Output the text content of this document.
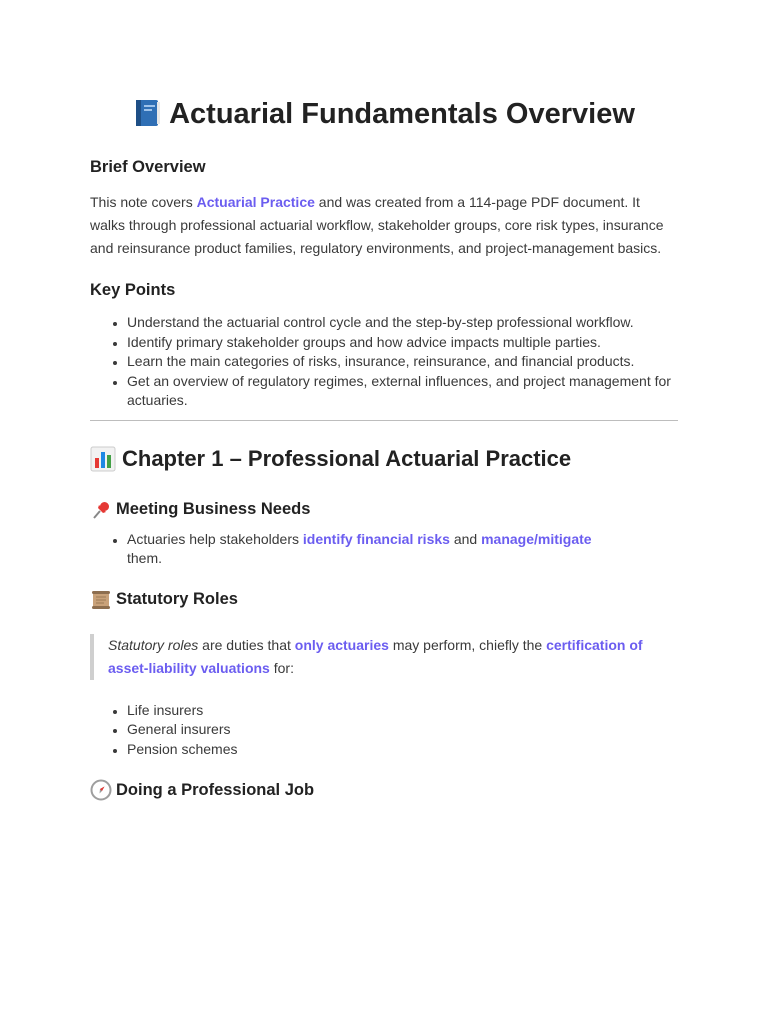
Actuarial Fundamentals Overview
Brief Overview

This note covers Actuarial Practice and was created from a 114-page PDF document. It walks through professional actuarial workflow, stakeholder groups, core risk types, insurance and reinsurance product families, regulatory environments, and project-management basics.

Key Points
• Understand the actuarial control cycle and the step-by-step professional workflow.
• Identify primary stakeholder groups and how advice impacts multiple parties.
• Learn the main categories of risks, insurance, reinsurance, and financial products.
• Get an overview of regulatory regimes, external influences, and project management for actuaries.
Chapter 1 – Professional Actuarial Practice
Meeting Business Needs
• Actuaries help stakeholders identify financial risks and manage/mitigate
them.
Statutory Roles
Statutory roles are duties that only actuaries may perform, chiefly the certification of asset-liability valuations for:
• Life insurers
• General insurers
• Pension schemes
Doing a Professional Job
